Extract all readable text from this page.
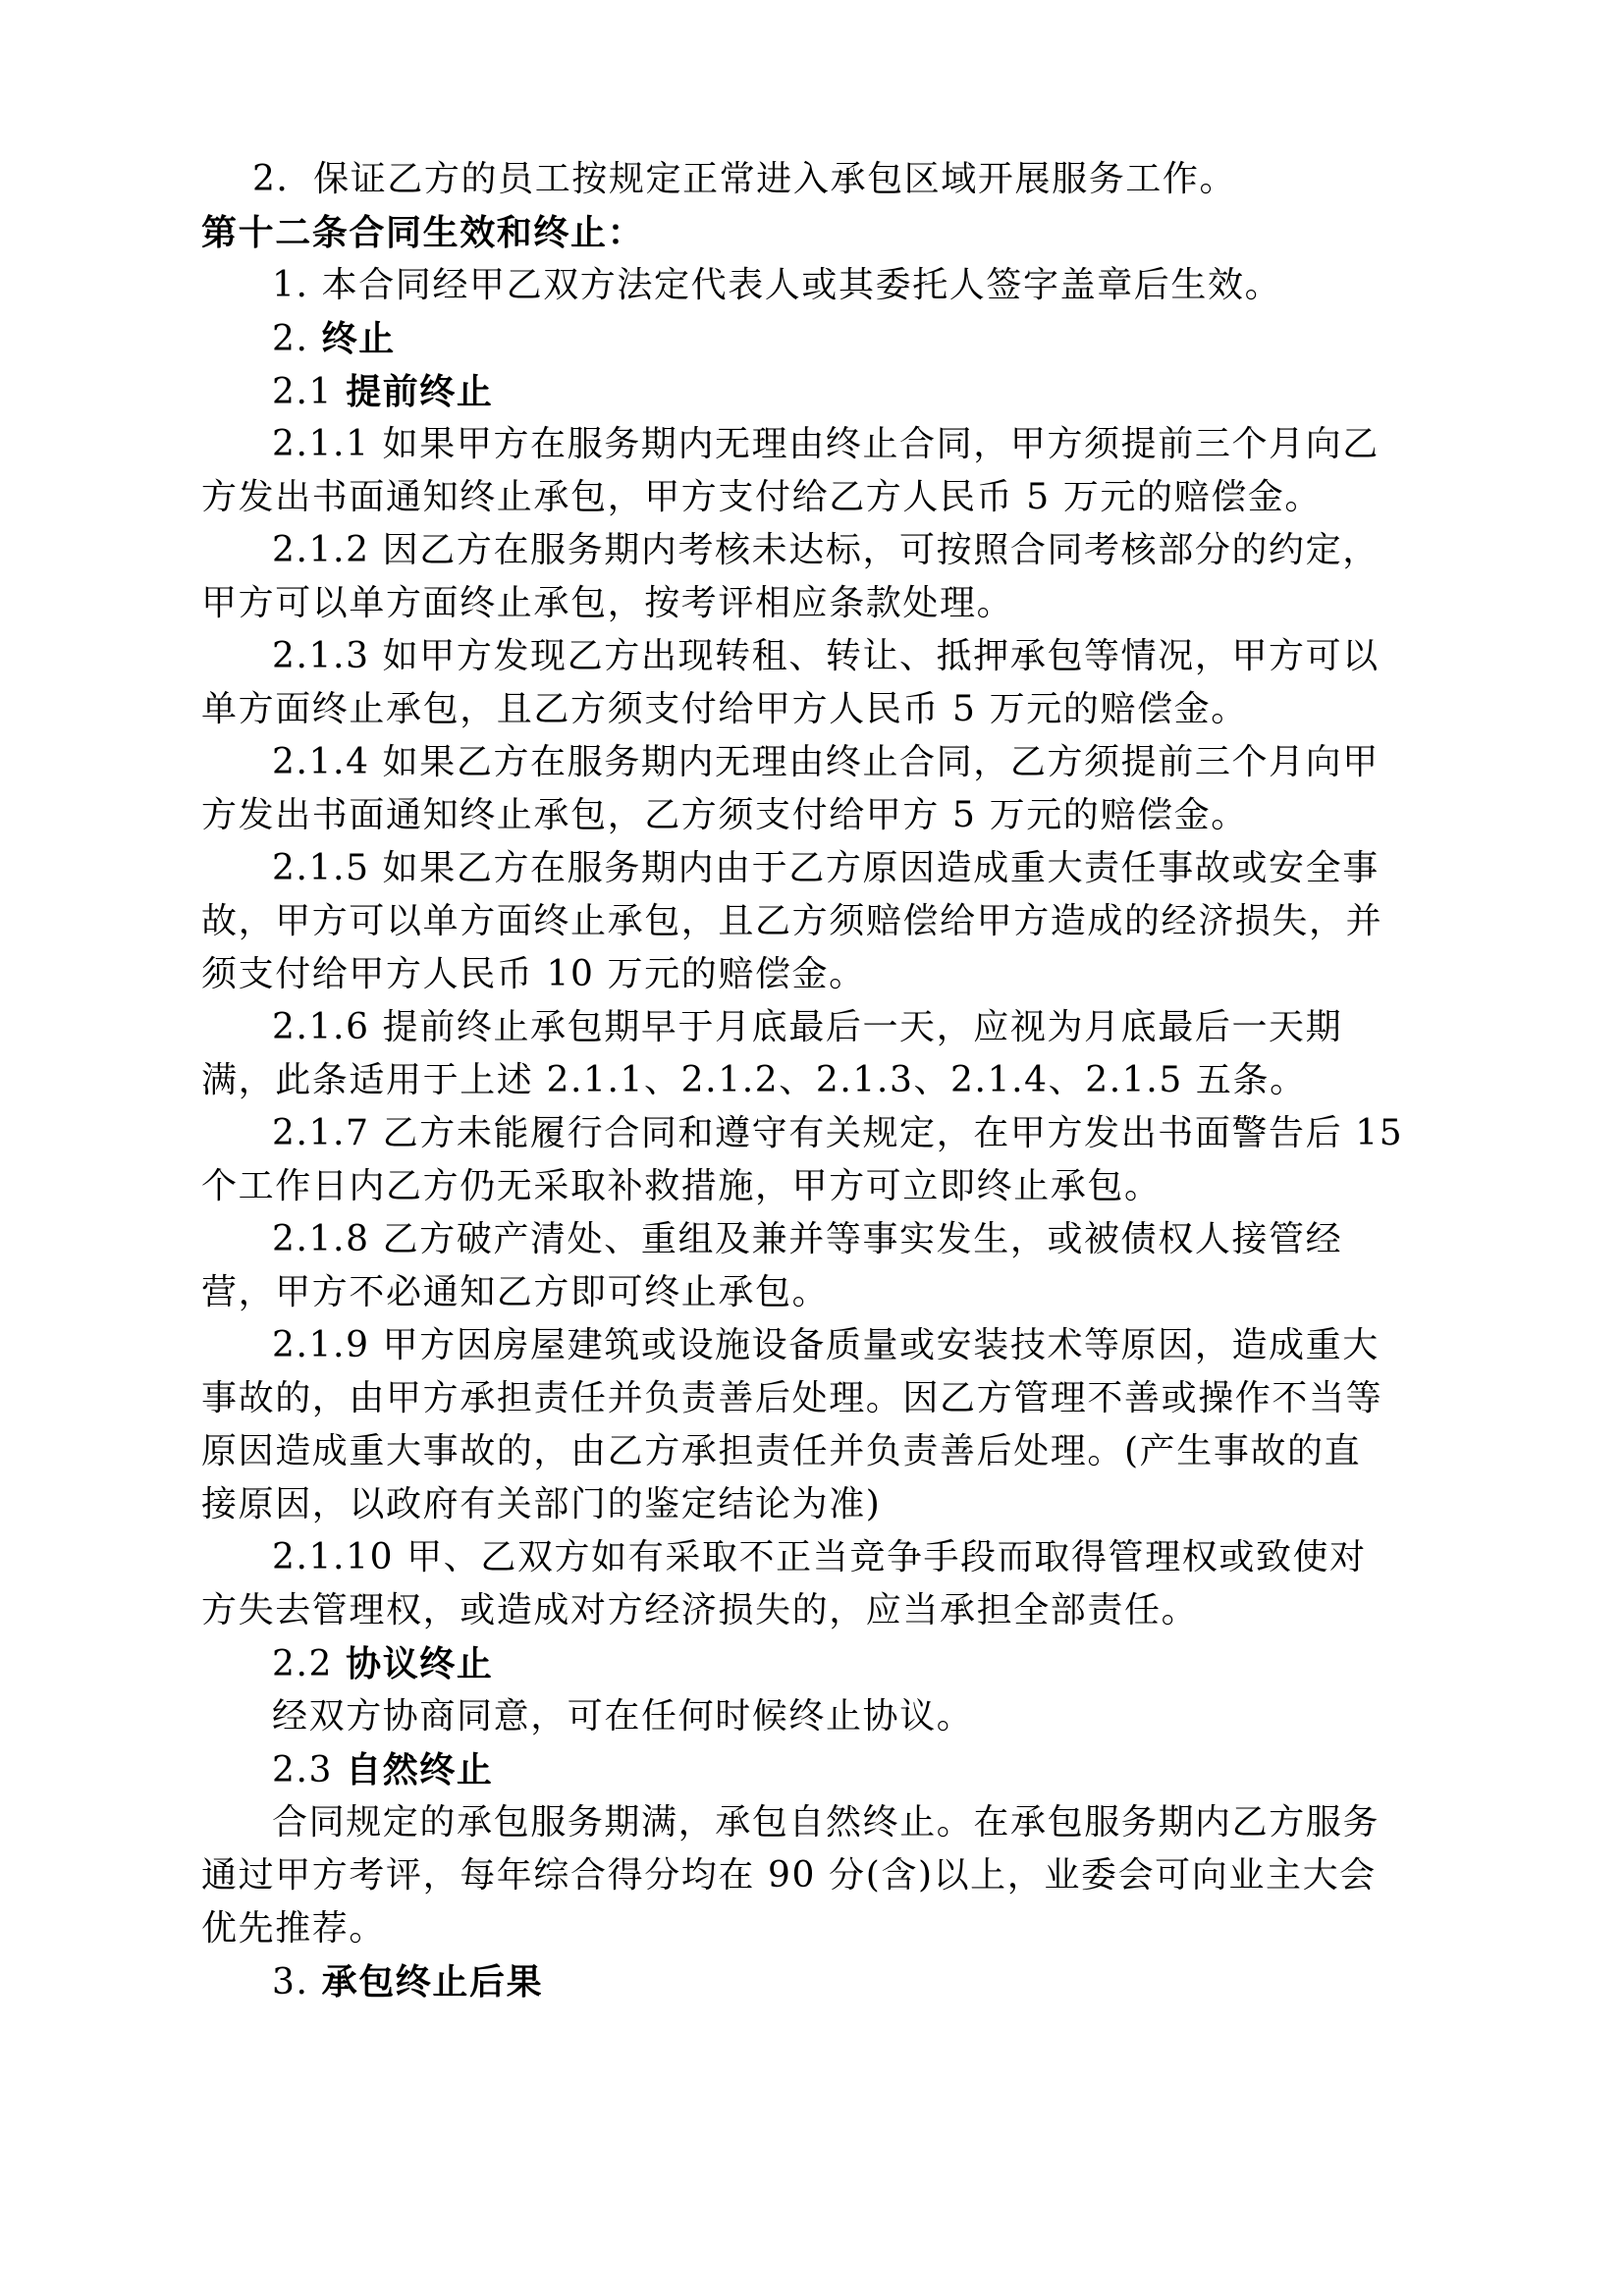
2．保证乙方的员工按规定正常进入承包区域开展服务工作。
第十二条合同生效和终止：
1. 本合同经甲乙双方法定代表人或其委托人签字盖章后生效。
2. 终止
2.1 提前终止
2.1.1 如果甲方在服务期内无理由终止合同，甲方须提前三个月向乙
方发出书面通知终止承包，甲方支付给乙方人民币 5 万元的赔偿金。
2.1.2 因乙方在服务期内考核未达标，可按照合同考核部分的约定，
甲方可以单方面终止承包，按考评相应条款处理。
2.1.3 如甲方发现乙方出现转租、转让、抵押承包等情况，甲方可以
单方面终止承包，且乙方须支付给甲方人民币 5 万元的赔偿金。
2.1.4 如果乙方在服务期内无理由终止合同，乙方须提前三个月向甲
方发出书面通知终止承包，乙方须支付给甲方 5 万元的赔偿金。
2.1.5 如果乙方在服务期内由于乙方原因造成重大责任事故或安全事
故，甲方可以单方面终止承包，且乙方须赔偿给甲方造成的经济损失，并
须支付给甲方人民币 10 万元的赔偿金。
2.1.6 提前终止承包期早于月底最后一天，应视为月底最后一天期
满，此条适用于上述 2.1.1、2.1.2、2.1.3、2.1.4、2.1.5 五条。
2.1.7 乙方未能履行合同和遵守有关规定，在甲方发出书面警告后 15
个工作日内乙方仍无采取补救措施，甲方可立即终止承包。
2.1.8 乙方破产清处、重组及兼并等事实发生，或被债权人接管经
营，甲方不必通知乙方即可终止承包。
2.1.9 甲方因房屋建筑或设施设备质量或安装技术等原因，造成重大
事故的，由甲方承担责任并负责善后处理。因乙方管理不善或操作不当等
原因造成重大事故的，由乙方承担责任并负责善后处理。(产生事故的直
接原因，以政府有关部门的鉴定结论为准)
2.1.10 甲、乙双方如有采取不正当竞争手段而取得管理权或致使对
方失去管理权，或造成对方经济损失的，应当承担全部责任。
2.2 协议终止
经双方协商同意，可在任何时候终止协议。
2.3 自然终止
合同规定的承包服务期满，承包自然终止。在承包服务期内乙方服务
通过甲方考评，每年综合得分均在 90 分(含)以上，业委会可向业主大会
优先推荐。
3. 承包终止后果
